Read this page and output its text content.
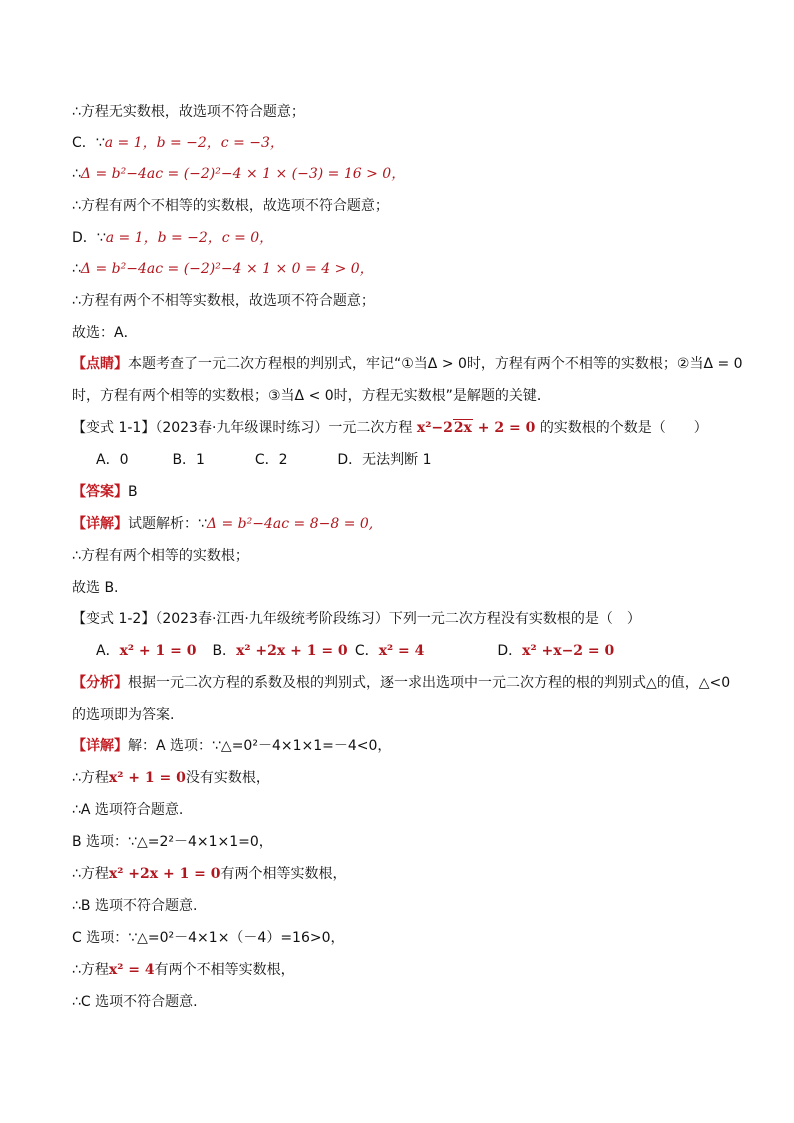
∴方程无实数根，故选项不符合题意；
C．∵a = 1，b = −2，c = −3，
∴Δ = b²−4ac = (−2)²−4 × 1 × (−3) = 16 > 0，
∴方程有两个不相等的实数根，故选项不符合题意；
D．∵a = 1，b = −2，c = 0，
∴Δ = b²−4ac = (−2)²−4 × 1 × 0 = 4 > 0，
∴方程有两个不相等实数根，故选项不符合题意；
故选：A．
【点睛】本题考查了一元二次方程根的判别式，牢记“①当Δ > 0时，方程有两个不相等的实数根；②当Δ = 0
时，方程有两个相等的实数根；③当Δ < 0时，方程无实数根”是解题的关键．
【变式 1-1】（2023春·九年级课时练习）一元二次方程 x²−22x + 2 = 0 的实数根的个数是（　　）
A．0	B．1	C．2	D．无法判断 1
【答案】B
【详解】试题解析：∵Δ = b²−4ac = 8−8 = 0,
∴方程有两个相等的实数根；
故选 B.
【变式 1-2】（2023春·江西·九年级统考阶段练习）下列一元二次方程没有实数根的是（　）
A．x² + 1 = 0 B．x² +2x + 1 = 0 C．x² = 4	D．x² +x−2 = 0
【分析】根据一元二次方程的系数及根的判别式，逐一求出选项中一元二次方程的根的判别式△的值，△<0
的选项即为答案.
【详解】解：A 选项：∵△=0²－4×1×1=－4<0，
∴方程x² + 1 = 0没有实数根，
∴A 选项符合题意.
B 选项：∵△=2²－4×1×1=0，
∴方程x² +2x + 1 = 0有两个相等实数根，
∴B 选项不符合题意.
C 选项：∵△=0²－4×1×（－4）=16>0，
∴方程x² = 4有两个不相等实数根，
∴C 选项不符合题意.
